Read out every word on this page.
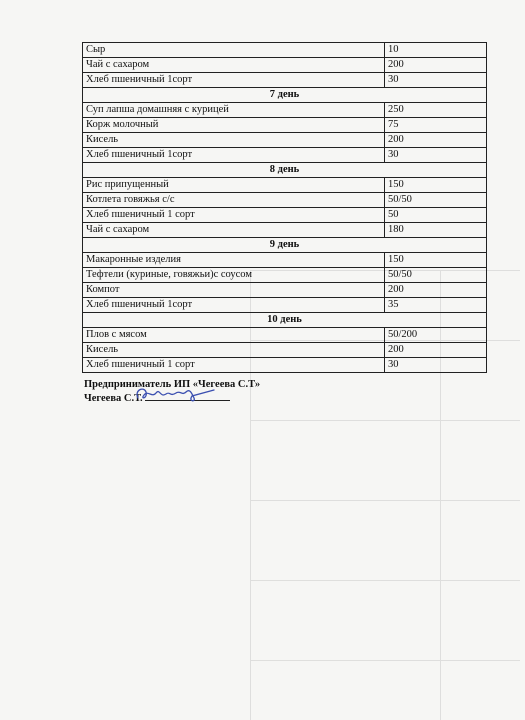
Сыр	10
Чай с сахаром	200
Хлеб пшеничный 1сорт	30
7 день	
Суп лапша домашняя с курицей	250
Корж молочный	75
Кисель	200
Хлеб пшеничный 1сорт	30
8 день	
Рис припущенный	150
Котлета говяжья с/с	50/50
Хлеб пшеничный 1 сорт	50
Чай с сахаром	180
9 день	
Макаронные изделия	150
Тефтели (куриные, говяжьи)с соусом	50/50
Компот	200
Хлеб пшеничный 1сорт	35
10 день	
Плов с мясом	50/200
Кисель	200
Хлеб пшеничный 1 сорт	30
Предприниматель ИП «Чегеева С.Т»
Чегеева С.Т.
